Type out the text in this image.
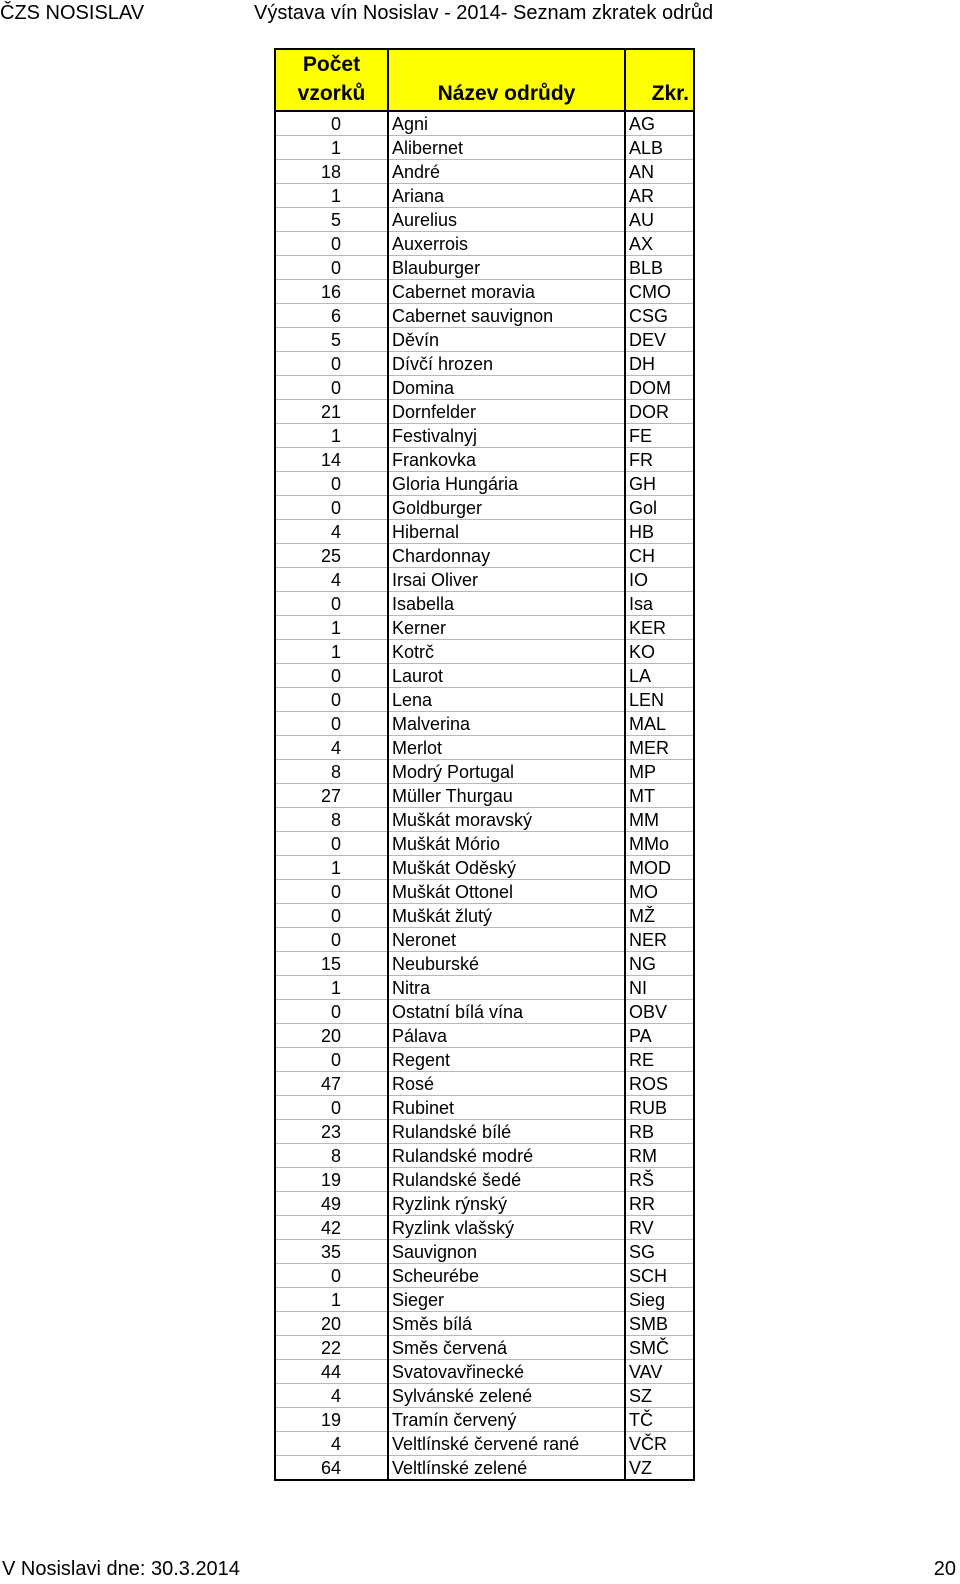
ČZS NOSISLAV	Výstava vín Nosislav - 2014- Seznam zkratek odrůd
Počet
vzorků	Název odrůdy	Zkr.
0	Agni	AG
1	Alibernet	ALB
18	André	AN
1	Ariana	AR
5	Aurelius	AU
0	Auxerrois	AX
0	Blauburger	BLB
16	Cabernet moravia	CMO
6	Cabernet sauvignon	CSG
5	Děvín	DEV
0	Dívčí hrozen	DH
0	Domina	DOM
21	Dornfelder	DOR
1	Festivalnyj	FE
14	Frankovka	FR
0	Gloria Hungária	GH
0	Goldburger	Gol
4	Hibernal	HB
25	Chardonnay	CH
4	Irsai Oliver	IO
0	Isabella	Isa
1	Kerner	KER
1	Kotrč	KO
0	Laurot	LA
0	Lena	LEN
0	Malverina	MAL
4	Merlot	MER
8	Modrý Portugal	MP
27	Müller Thurgau	MT
8	Muškát moravský	MM
0	Muškát Mório	MMo
1	Muškát Oděský	MOD
0	Muškát Ottonel	MO
0	Muškát žlutý	MŽ
0	Neronet	NER
15	Neuburské	NG
1	Nitra	NI
0	Ostatní bílá vína	OBV
20	Pálava	PA
0	Regent	RE
47	Rosé	ROS
0	Rubinet	RUB
23	Rulandské bílé	RB
8	Rulandské modré	RM
19	Rulandské šedé	RŠ
49	Ryzlink rýnský	RR
42	Ryzlink vlašský	RV
35	Sauvignon	SG
0	Scheurébe	SCH
1	Sieger	Sieg
20	Směs bílá	SMB
22	Směs červená	SMČ
44	Svatovavřinecké	VAV
4	Sylvánské zelené	SZ
19	Tramín červený	TČ
4	Veltlínské červené rané	VČR
64	Veltlínské zelené	VZ
V Nosislavi dne: 30.3.2014	20
